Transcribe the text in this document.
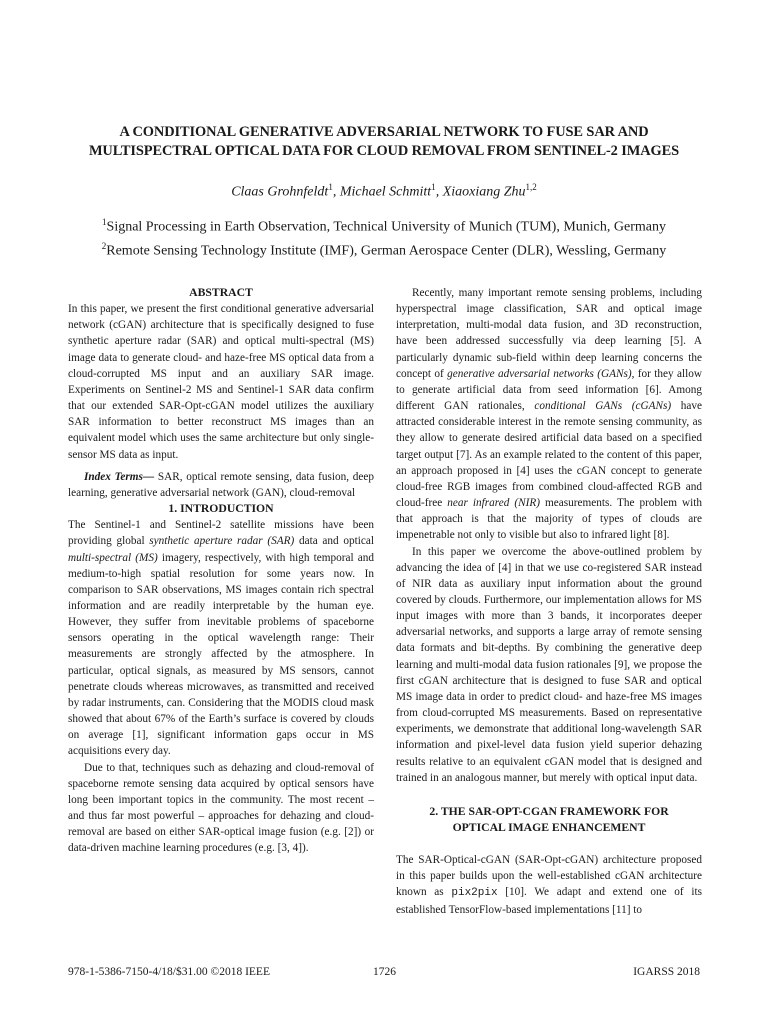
A CONDITIONAL GENERATIVE ADVERSARIAL NETWORK TO FUSE SAR AND
MULTISPECTRAL OPTICAL DATA FOR CLOUD REMOVAL FROM SENTINEL-2 IMAGES
Claas Grohnfeldt$^1$, Michael Schmitt$^1$, Xiaoxiang Zhu$^{1,2}$
$^1$Signal Processing in Earth Observation, Technical University of Munich (TUM), Munich, Germany
$^2$Remote Sensing Technology Institute (IMF), German Aerospace Center (DLR), Wessling, Germany

ABSTRACT

In this paper, we present the first conditional generative adversarial network (cGAN) architecture that is specifically designed to fuse synthetic aperture radar (SAR) and optical multi-spectral (MS) image data to generate cloud- and haze-free MS optical data from a cloud-corrupted MS input and an auxiliary SAR image. Experiments on Sentinel-2 MS and Sentinel-1 SAR data confirm that our extended SAR-Opt-cGAN model utilizes the auxiliary SAR information to better reconstruct MS images than an equivalent model which uses the same architecture but only single-sensor MS data as input.

Index Terms— SAR, optical remote sensing, data fusion, deep learning, generative adversarial network (GAN), cloud-removal

1. INTRODUCTION

The Sentinel-1 and Sentinel-2 satellite missions have been providing global synthetic aperture radar (SAR) data and optical multi-spectral (MS) imagery, respectively, with high temporal and medium-to-high spatial resolution for some years now. In comparison to SAR observations, MS images contain rich spectral information and are readily interpretable by the human eye. However, they suffer from inevitable problems of spaceborne sensors operating in the optical wavelength range: Their measurements are strongly affected by the atmosphere. In particular, optical signals, as measured by MS sensors, cannot penetrate clouds whereas microwaves, as transmitted and received by radar instruments, can. Considering that the MODIS cloud mask showed that about 67% of the Earth’s surface is covered by clouds on average [1], significant information gaps occur in MS acquisitions every day.

Due to that, techniques such as dehazing and cloud-removal of spaceborne remote sensing data acquired by optical sensors have long been important topics in the community. The most recent – and thus far most powerful – approaches for dehazing and cloud-removal are based on either SAR-optical image fusion (e.g. [2]) or data-driven machine learning procedures (e.g. [3, 4]).

Recently, many important remote sensing problems, including hyperspectral image classification, SAR and optical image interpretation, multi-modal data fusion, and 3D reconstruction, have been addressed successfully via deep learning [5]. A particularly dynamic sub-field within deep learning concerns the concept of generative adversarial networks (GANs), for they allow to generate artificial data from seed information [6]. Among different GAN rationales, conditional GANs (cGANs) have attracted considerable interest in the remote sensing community, as they allow to generate desired artificial data based on a specified target output [7]. As an example related to the content of this paper, an approach proposed in [4] uses the cGAN concept to generate cloud-free RGB images from combined cloud-affected RGB and cloud-free near infrared (NIR) measurements. The problem with that approach is that the majority of types of clouds are impenetrable not only to visible but also to infrared light [8].

In this paper we overcome the above-outlined problem by advancing the idea of [4] in that we use co-registered SAR instead of NIR data as auxiliary input information about the ground covered by clouds. Furthermore, our implementation allows for MS input images with more than 3 bands, it incorporates deeper adversarial networks, and supports a large array of remote sensing data formats and bit-depths. By combining the generative deep learning and multi-modal data fusion rationales [9], we propose the first cGAN architecture that is designed to fuse SAR and optical MS image data in order to predict cloud- and haze-free MS images from cloud-corrupted MS measurements. Based on representative experiments, we demonstrate that additional long-wavelength SAR information and pixel-level data fusion yield superior dehazing results relative to an equivalent cGAN model that is designed and trained in an analogous manner, but merely with optical input data.

2. THE SAR-OPT-CGAN FRAMEWORK FOR
OPTICAL IMAGE ENHANCEMENT

The SAR-Optical-cGAN (SAR-Opt-cGAN) architecture proposed in this paper builds upon the well-established cGAN architecture known as pix2pix [10]. We adapt and extend one of its established TensorFlow-based implementations [11] to

978-1-5386-7150-4/18/$31.00 ©2018 IEEE	1726	IGARSS 2018
